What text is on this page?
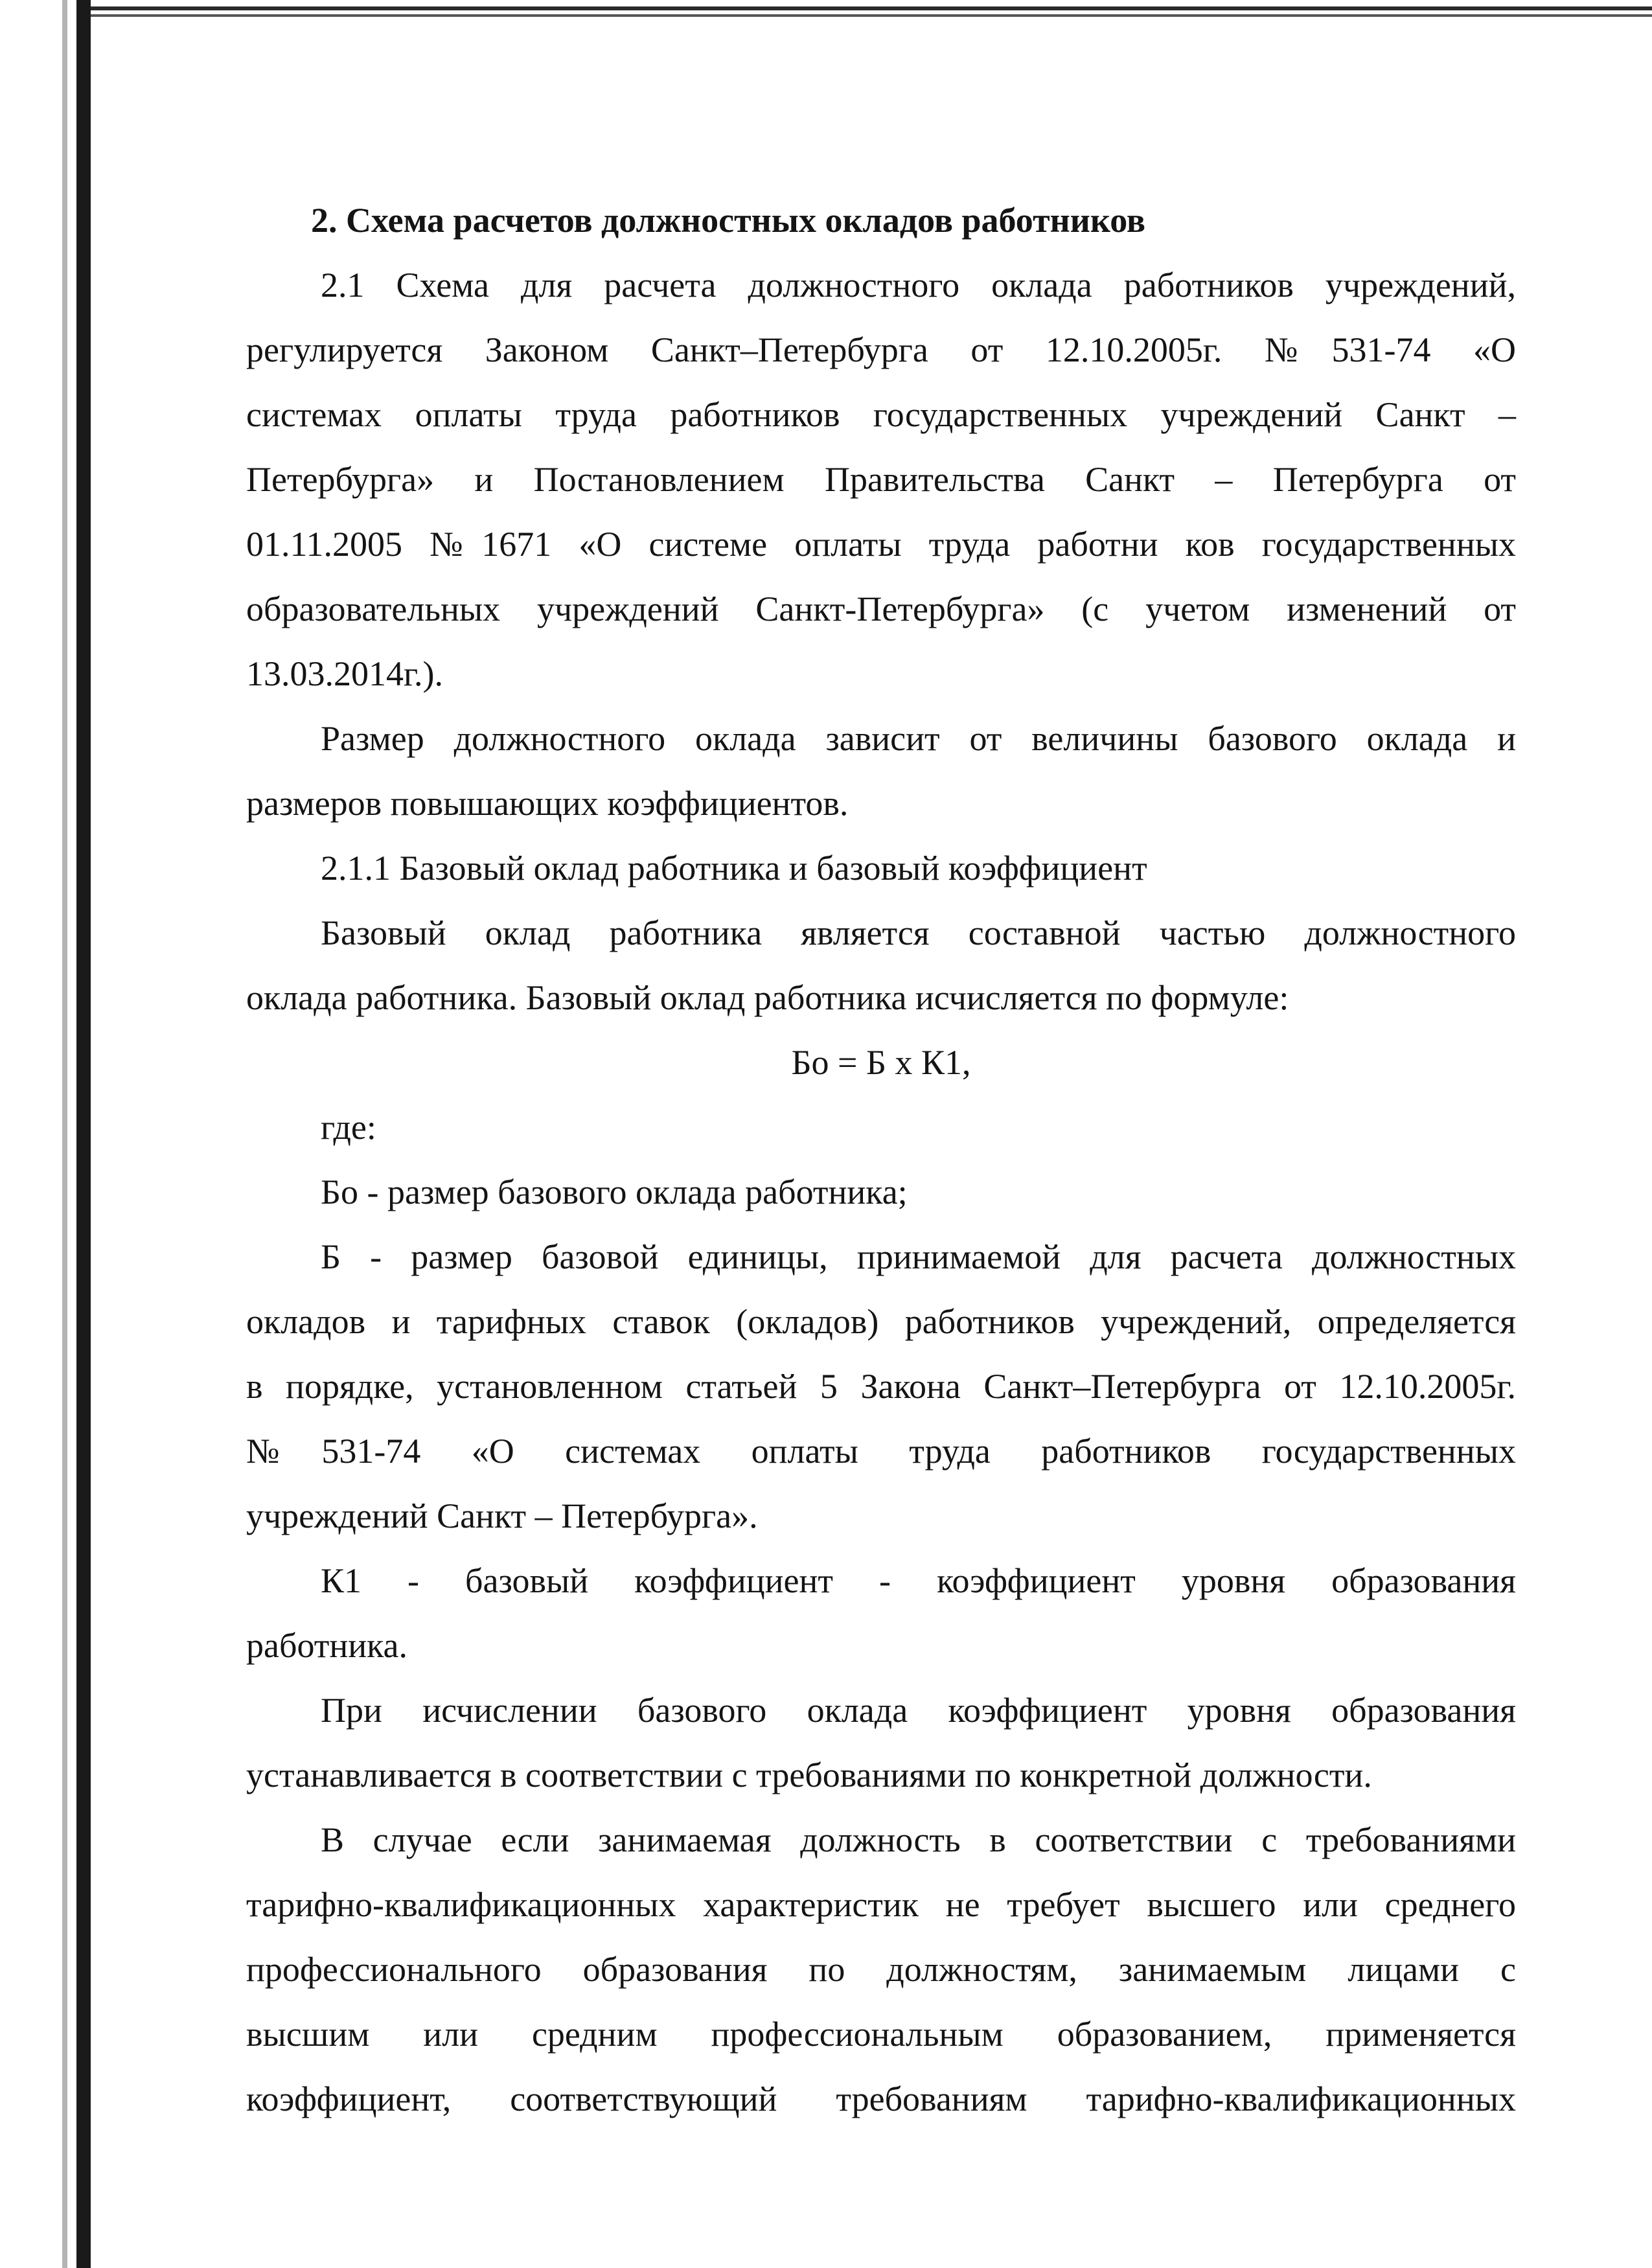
2. Схема расчетов должностных окладов работников
2.1 Схема для расчета должностного оклада работников учреждений,
регулируется Законом Санкт–Петербурга от 12.10.2005г. №531-74 «О
системах оплаты труда работников государственных учреждений Санкт –
Петербурга» и Постановлением Правительства Санкт – Петербурга от
01.11.2005 №1671 «О системе оплаты труда работни ков государственных
образовательных учреждений Санкт-Петербурга» (с учетом изменений от
13.03.2014г.).
Размер должностного оклада зависит от величины базового оклада и
размеров повышающих коэффициентов.
2.1.1 Базовый оклад работника и базовый коэффициент
Базовый оклад работника является составной частью должностного
оклада работника. Базовый оклад работника исчисляется по формуле:
Бо = Б х К1,
где:
Бо - размер базового оклада работника;
Б - размер базовой единицы, принимаемой для расчета должностных
окладов и тарифных ставок (окладов) работников учреждений, определяется
в порядке, установленном статьей 5 Закона Санкт–Петербурга от 12.10.2005г.
№531-74 «О системах оплаты труда работников государственных
учреждений Санкт – Петербурга».
К1 - базовый коэффициент - коэффициент уровня образования
работника.
При исчислении базового оклада коэффициент уровня образования
устанавливается в соответствии с требованиями по конкретной должности.
В случае если занимаемая должность в соответствии с требованиями
тарифно-квалификационных характеристик не требует высшего или среднего
профессионального образования по должностям, занимаемым лицами с
высшим или средним профессиональным образованием, применяется
коэффициент, соответствующий требованиям тарифно-квалификационных
